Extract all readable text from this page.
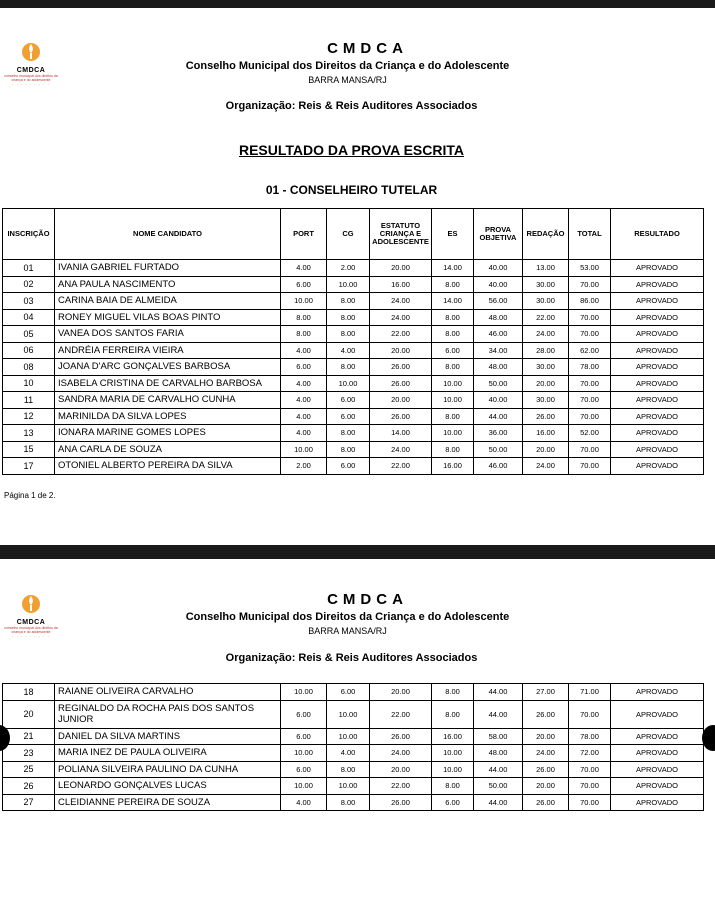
CMDCA
conselho municipal dos direitos da criança e do adolescente
· · · · · · · · ·
CMDCA
Conselho Municipal dos Direitos da Criança e do Adolescente
BARRA MANSA/RJ
Organização: Reis & Reis Auditores Associados
RESULTADO DA PROVA ESCRITA
01 - CONSELHEIRO TUTELAR
INSCRIÇÃO	NOME CANDIDATO	PORT	CG	ESTATUTO CRIANÇA E ADOLESCENTE	ES	PROVA OBJETIVA	REDAÇÃO	TOTAL	RESULTADO
01	IVANIA GABRIEL FURTADO	4.00	2.00	20.00	14.00	40.00	13.00	53.00	APROVADO
02	ANA PAULA NASCIMENTO	6.00	10.00	16.00	8.00	40.00	30.00	70.00	APROVADO
03	CARINA BAIA DE ALMEIDA	10.00	8.00	24.00	14.00	56.00	30.00	86.00	APROVADO
04	RONEY MIGUEL VILAS BOAS PINTO	8.00	8.00	24.00	8.00	48.00	22.00	70.00	APROVADO
05	VANEA DOS SANTOS FARIA	8.00	8.00	22.00	8.00	46.00	24.00	70.00	APROVADO
06	ANDRÉIA FERREIRA VIEIRA	4.00	4.00	20.00	6.00	34.00	28.00	62.00	APROVADO
08	JOANA D'ARC GONÇALVES BARBOSA	6.00	8.00	26.00	8.00	48.00	30.00	78.00	APROVADO
10	ISABELA CRISTINA DE CARVALHO BARBOSA	4.00	10.00	26.00	10.00	50.00	20.00	70.00	APROVADO
11	SANDRA MARIA DE CARVALHO CUNHA	4.00	6.00	20.00	10.00	40.00	30.00	70.00	APROVADO
12	MARINILDA DA SILVA LOPES	4.00	6.00	26.00	8.00	44.00	26.00	70.00	APROVADO
13	IONARA MARINE GOMES LOPES	4.00	8.00	14.00	10.00	36.00	16.00	52.00	APROVADO
15	ANA CARLA DE SOUZA	10.00	8.00	24.00	8.00	50.00	20.00	70.00	APROVADO
17	OTONIEL ALBERTO PEREIRA DA SILVA	2.00	6.00	22.00	16.00	46.00	24.00	70.00	APROVADO
Página 1 de 2.
CMDCA
conselho municipal dos direitos da criança e do adolescente
· · · · · · · · ·
CMDCA
Conselho Municipal dos Direitos da Criança e do Adolescente
BARRA MANSA/RJ
Organização: Reis & Reis Auditores Associados
18	RAIANE OLIVEIRA CARVALHO	10.00	6.00	20.00	8.00	44.00	27.00	71.00	APROVADO
20	REGINALDO DA ROCHA PAIS DOS SANTOS JUNIOR	6.00	10.00	22.00	8.00	44.00	26.00	70.00	APROVADO
21	DANIEL DA SILVA MARTINS	6.00	10.00	26.00	16.00	58.00	20.00	78.00	APROVADO
23	MARIA INEZ DE PAULA OLIVEIRA	10.00	4.00	24.00	10.00	48.00	24.00	72.00	APROVADO
25	POLIANA SILVEIRA PAULINO DA CUNHA	6.00	8.00	20.00	10.00	44.00	26.00	70.00	APROVADO
26	LEONARDO GONÇALVES LUCAS	10.00	10.00	22.00	8.00	50.00	20.00	70.00	APROVADO
27	CLEIDIANNE PEREIRA DE SOUZA	4.00	8.00	26.00	6.00	44.00	26.00	70.00	APROVADO
